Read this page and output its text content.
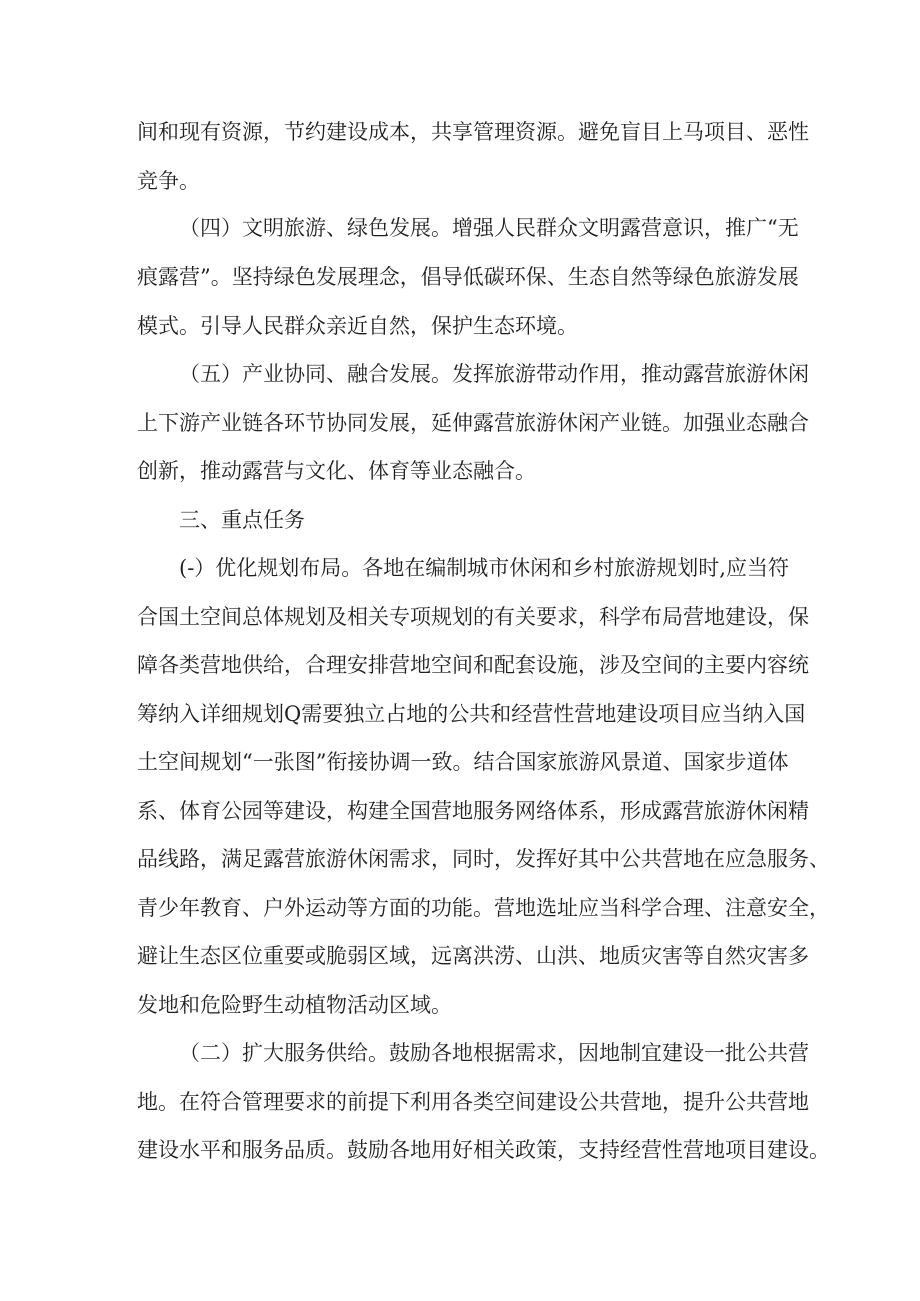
间和现有资源，节约建设成本，共享管理资源。避免盲目上马项目、恶性
竞争。
（四）文明旅游、绿色发展。增强人民群众文明露营意识，推广“无
痕露营”。坚持绿色发展理念，倡导低碳环保、生态自然等绿色旅游发展
模式。引导人民群众亲近自然，保护生态环境。
（五）产业协同、融合发展。发挥旅游带动作用，推动露营旅游休闲
上下游产业链各环节协同发展，延伸露营旅游休闲产业链。加强业态融合
创新，推动露营与文化、体育等业态融合。
三、重点任务
(-）优化规划布局。各地在编制城市休闲和乡村旅游规划时,应当符
合国土空间总体规划及相关专项规划的有关要求，科学布局营地建设，保
障各类营地供给，合理安排营地空间和配套设施，涉及空间的主要内容统
筹纳入详细规划Q需要独立占地的公共和经营性营地建设项目应当纳入国
土空间规划“一张图”衔接协调一致。结合国家旅游风景道、国家步道体
系、体育公园等建设，构建全国营地服务网络体系，形成露营旅游休闲精
品线路，满足露营旅游休闲需求，同时，发挥好其中公共营地在应急服务、
青少年教育、户外运动等方面的功能。营地选址应当科学合理、注意安全，
避让生态区位重要或脆弱区域，远离洪涝、山洪、地质灾害等自然灾害多
发地和危险野生动植物活动区域。
（二）扩大服务供给。鼓励各地根据需求，因地制宜建设一批公共营
地。在符合管理要求的前提下利用各类空间建设公共营地，提升公共营地
建设水平和服务品质。鼓励各地用好相关政策，支持经营性营地项目建设。
